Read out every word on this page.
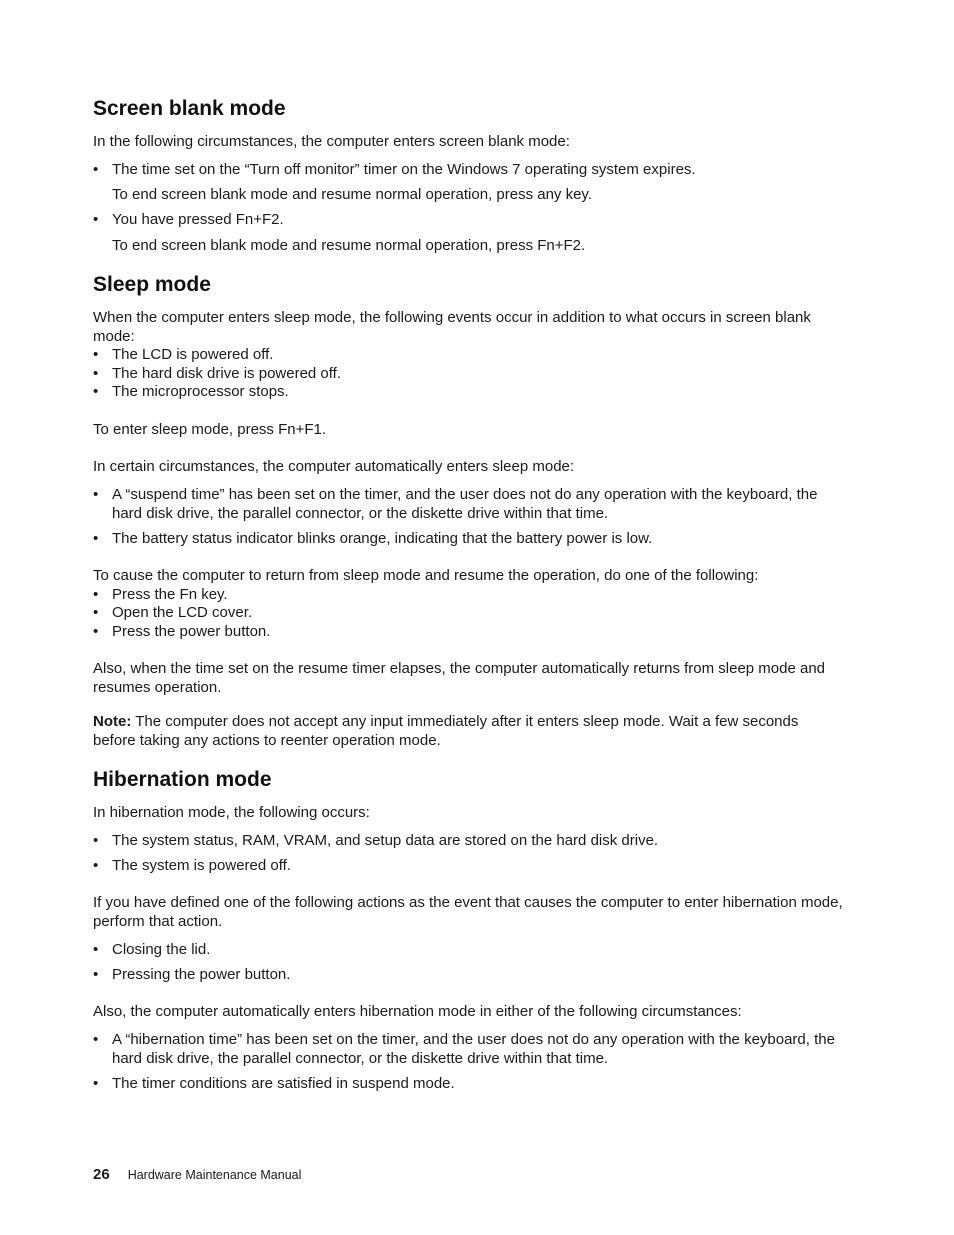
Screen blank mode

In the following circumstances, the computer enters screen blank mode:

• The time set on the “Turn off monitor” timer on the Windows 7 operating system expires.

To end screen blank mode and resume normal operation, press any key.

• You have pressed Fn+F2.

To end screen blank mode and resume normal operation, press Fn+F2.

Sleep mode

When the computer enters sleep mode, the following events occur in addition to what occurs in screen blank mode:

• The LCD is powered off.
• The hard disk drive is powered off.
• The microprocessor stops.

To enter sleep mode, press Fn+F1.

In certain circumstances, the computer automatically enters sleep mode:

• A “suspend time” has been set on the timer, and the user does not do any operation with the keyboard, the hard disk drive, the parallel connector, or the diskette drive within that time.
• The battery status indicator blinks orange, indicating that the battery power is low.

To cause the computer to return from sleep mode and resume the operation, do one of the following:

• Press the Fn key.
• Open the LCD cover.
• Press the power button.

Also, when the time set on the resume timer elapses, the computer automatically returns from sleep mode and resumes operation.

Note: The computer does not accept any input immediately after it enters sleep mode. Wait a few seconds before taking any actions to reenter operation mode.

Hibernation mode

In hibernation mode, the following occurs:

• The system status, RAM, VRAM, and setup data are stored on the hard disk drive.
• The system is powered off.

If you have defined one of the following actions as the event that causes the computer to enter hibernation mode, perform that action.

• Closing the lid.
• Pressing the power button.

Also, the computer automatically enters hibernation mode in either of the following circumstances:

• A “hibernation time” has been set on the timer, and the user does not do any operation with the keyboard, the hard disk drive, the parallel connector, or the diskette drive within that time.
• The timer conditions are satisfied in suspend mode.
26 Hardware Maintenance Manual
